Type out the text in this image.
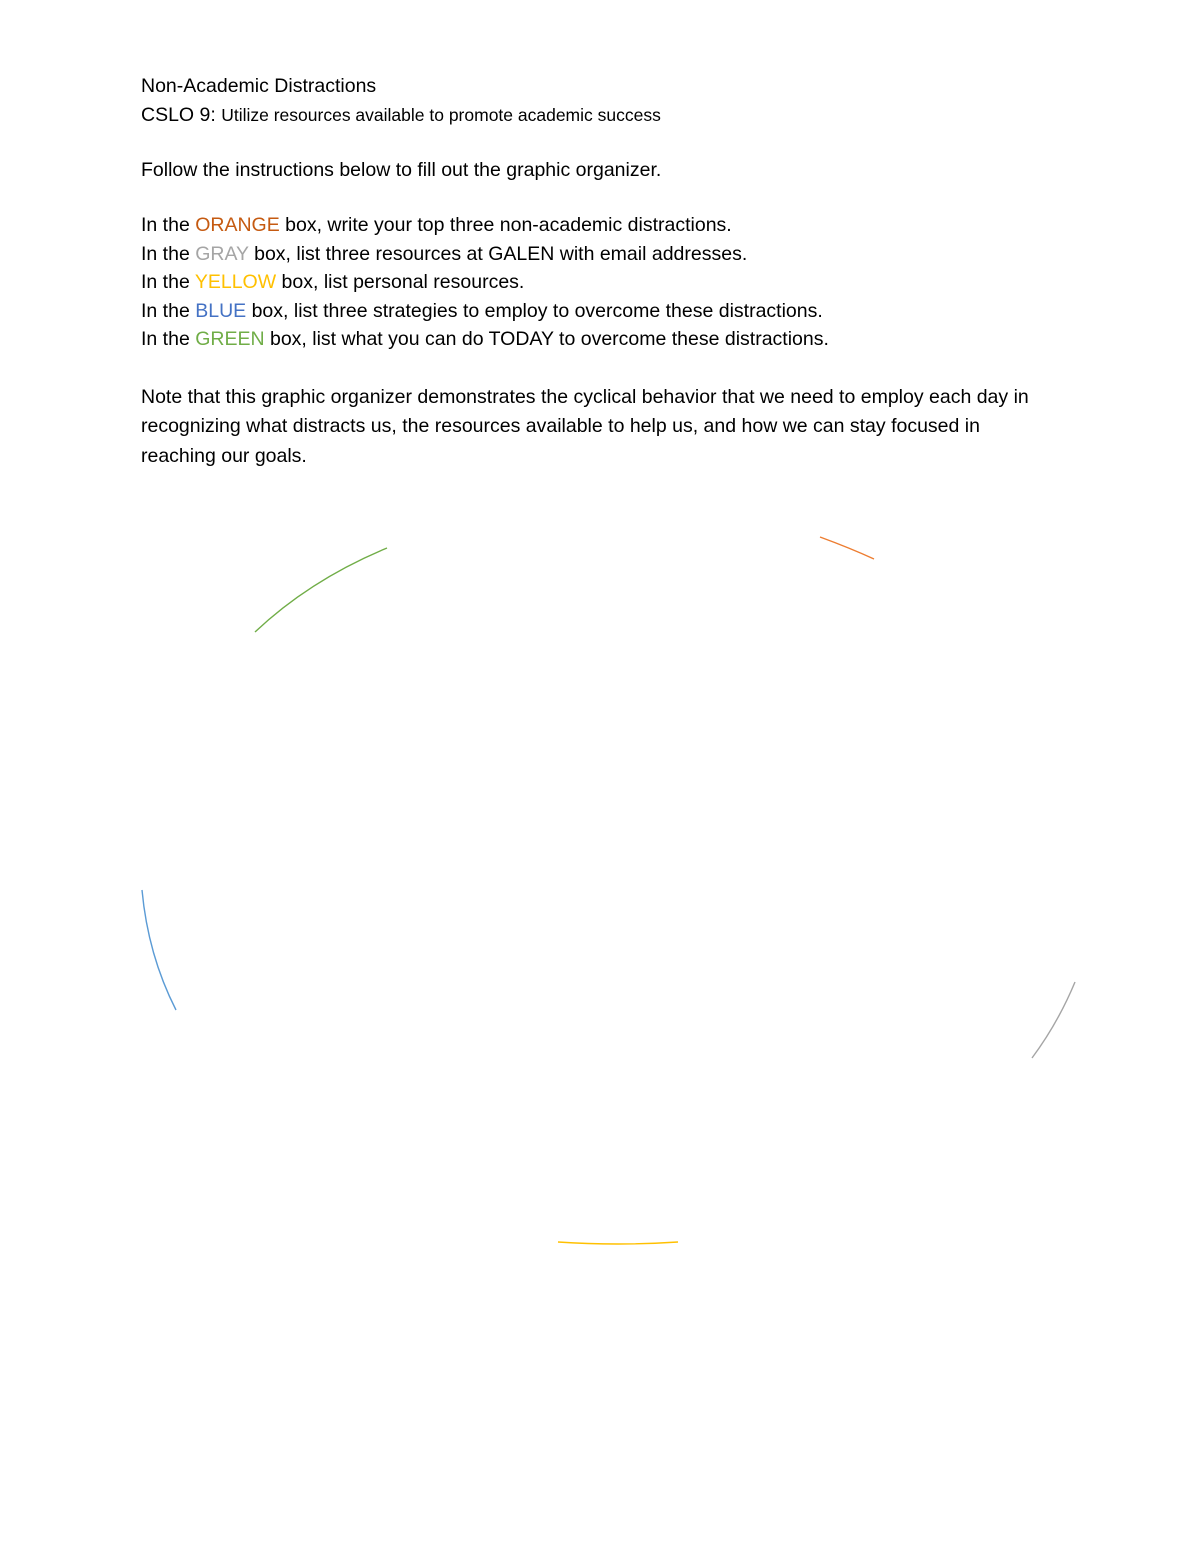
Non-Academic Distractions

CSLO 9: Utilize resources available to promote academic success

Follow the instructions below to fill out the graphic organizer.

In the ORANGE box, write your top three non-academic distractions.
In the GRAY box, list three resources at GALEN with email addresses.
In the YELLOW box, list personal resources.
In the BLUE box, list three strategies to employ to overcome these distractions.
In the GREEN box, list what you can do TODAY to overcome these distractions.

Note that this graphic organizer demonstrates the cyclical behavior that we need to employ each day in recognizing what distracts us, the resources available to help us, and how we can stay focused in reaching our goals.
